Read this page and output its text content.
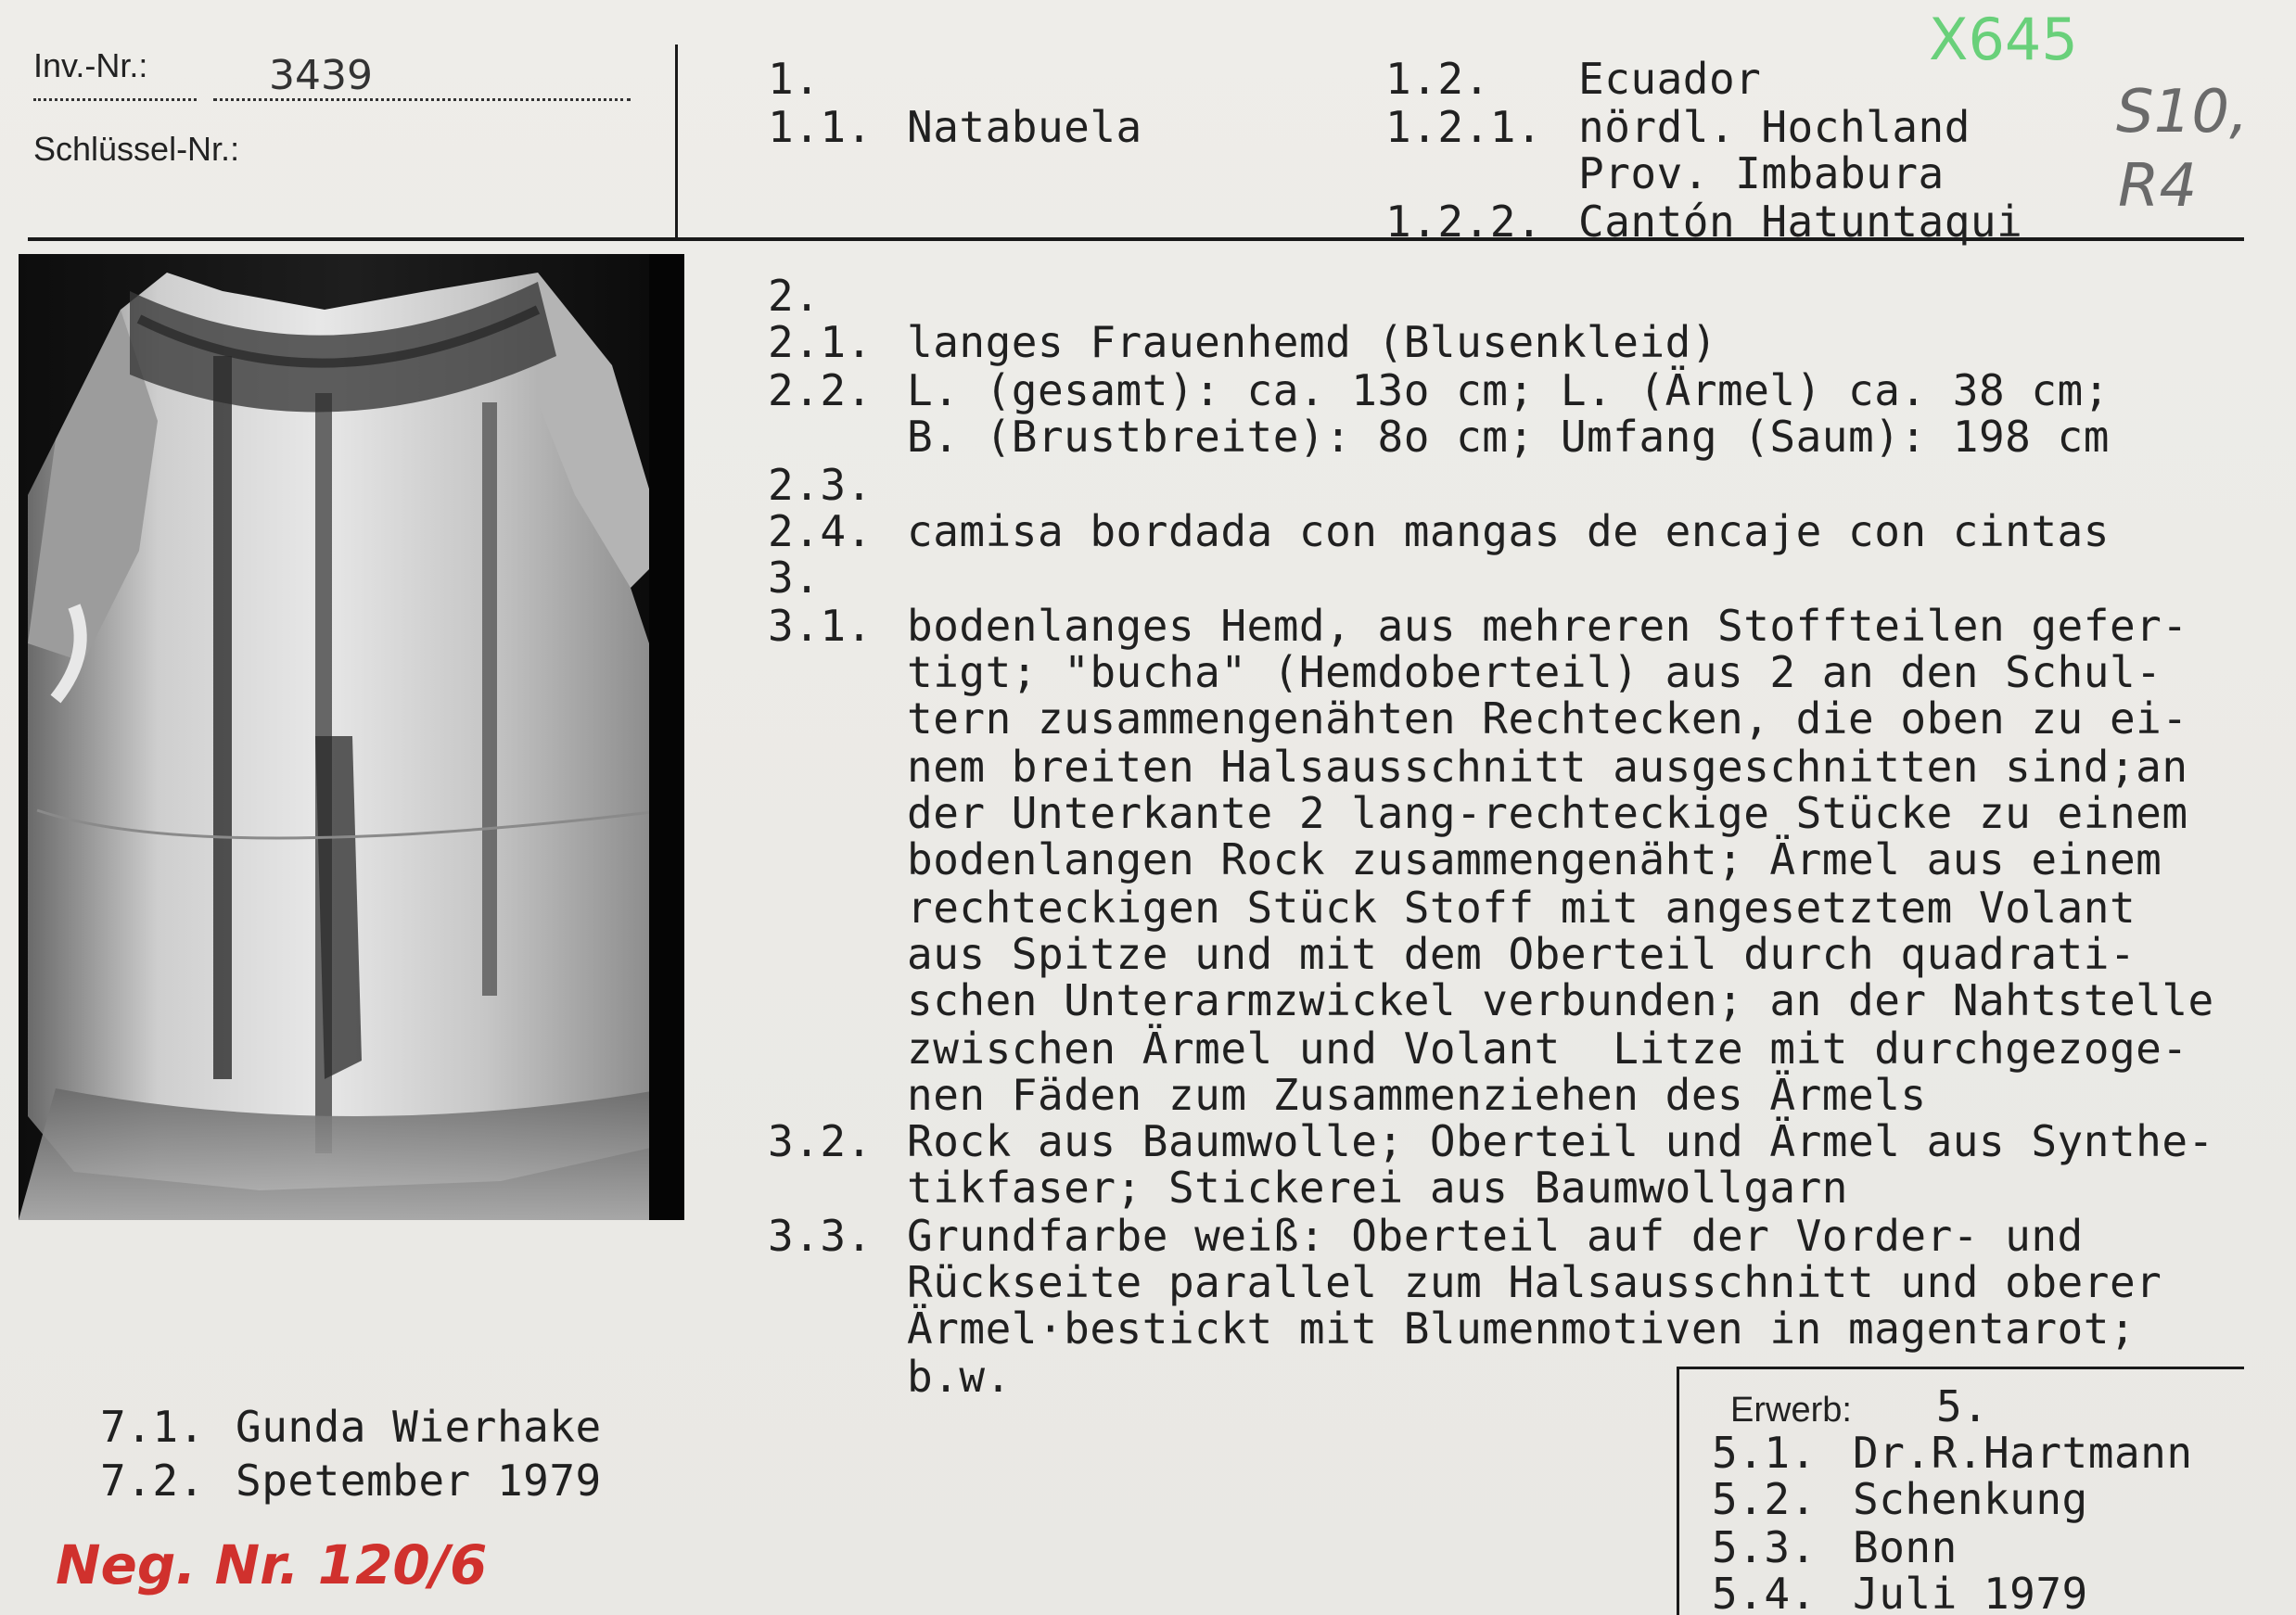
Inv.-Nr.:	3439
Schlüssel-Nr.:
X645
S10,
R4
1.
1.1. Natabuela
1.2. Ecuador
1.2.1. nördl. Hochland
Prov. Imbabura
1.2.2. Cantón Hatuntaqui
2.
2.1. langes Frauenhemd (Blusenkleid)
2.2. L. (gesamt): ca. 13o cm; L. (Ärmel) ca. 38 cm;
B. (Brustbreite): 8o cm; Umfang (Saum): 198 cm
2.3.
2.4. camisa bordada con mangas de encaje con cintas
3.
3.1. bodenlanges Hemd, aus mehreren Stoffteilen gefer-
tigt; "bucha" (Hemdoberteil) aus 2 an den Schul-
tern zusammengenähten Rechtecken, die oben zu ei-
nem breiten Halsausschnitt ausgeschnitten sind;an
der Unterkante 2 lang-rechteckige Stücke zu einem
bodenlangen Rock zusammengenäht; Ärmel aus einem
rechteckigen Stück Stoff mit angesetztem Volant
aus Spitze und mit dem Oberteil durch quadrati-
schen Unterarmzwickel verbunden; an der Nahtstelle
zwischen Ärmel und Volant  Litze mit durchgezoge-
nen Fäden zum Zusammenziehen des Ärmels
3.2. Rock aus Baumwolle; Oberteil und Ärmel aus Synthe-
tikfaser; Stickerei aus Baumwollgarn
3.3. Grundfarbe weiß: Oberteil auf der Vorder- und
Rückseite parallel zum Halsausschnitt und oberer
Ärmel·bestickt mit Blumenmotiven in magentarot;
b.w.
7.1. Gunda Wierhake
7.2. Spetember 1979
Neg. Nr. 120/6
Erwerb: 5.
5.1. Dr.R.Hartmann
5.2. Schenkung
5.3. Bonn
5.4. Juli 1979
